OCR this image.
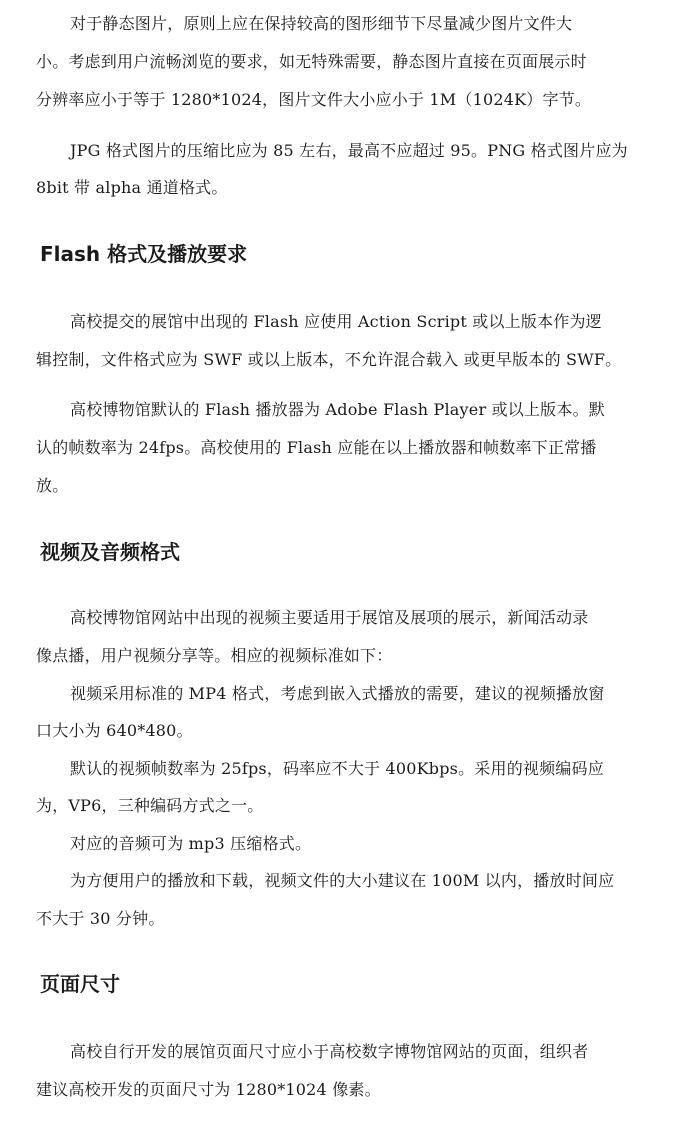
对于静态图片，原则上应在保持较高的图形细节下尽量减少图片文件大
小。考虑到用户流畅浏览的要求，如无特殊需要，静态图片直接在页面展示时
分辨率应小于等于 1280*1024，图片文件大小应小于 1M（1024K）字节。
JPG 格式图片的压缩比应为 85 左右，最高不应超过 95。PNG 格式图片应为
8bit 带 alpha 通道格式。
Flash 格式及播放要求
高校提交的展馆中出现的 Flash 应使用 Action Script 或以上版本作为逻
辑控制，文件格式应为 SWF 或以上版本，不允许混合载入 或更早版本的 SWF。
高校博物馆默认的 Flash 播放器为 Adobe Flash Player 或以上版本。默
认的帧数率为 24fps。高校使用的 Flash 应能在以上播放器和帧数率下正常播
放。
视频及音频格式
高校博物馆网站中出现的视频主要适用于展馆及展项的展示，新闻活动录
像点播，用户视频分享等。相应的视频标准如下：
视频采用标准的 MP4 格式，考虑到嵌入式播放的需要，建议的视频播放窗
口大小为 640*480。
默认的视频帧数率为 25fps，码率应不大于 400Kbps。采用的视频编码应
为，VP6，三种编码方式之一。
对应的音频可为 mp3 压缩格式。
为方便用户的播放和下载，视频文件的大小建议在 100M 以内，播放时间应
不大于 30 分钟。
页面尺寸
高校自行开发的展馆页面尺寸应小于高校数字博物馆网站的页面，组织者
建议高校开发的页面尺寸为 1280*1024 像素。
